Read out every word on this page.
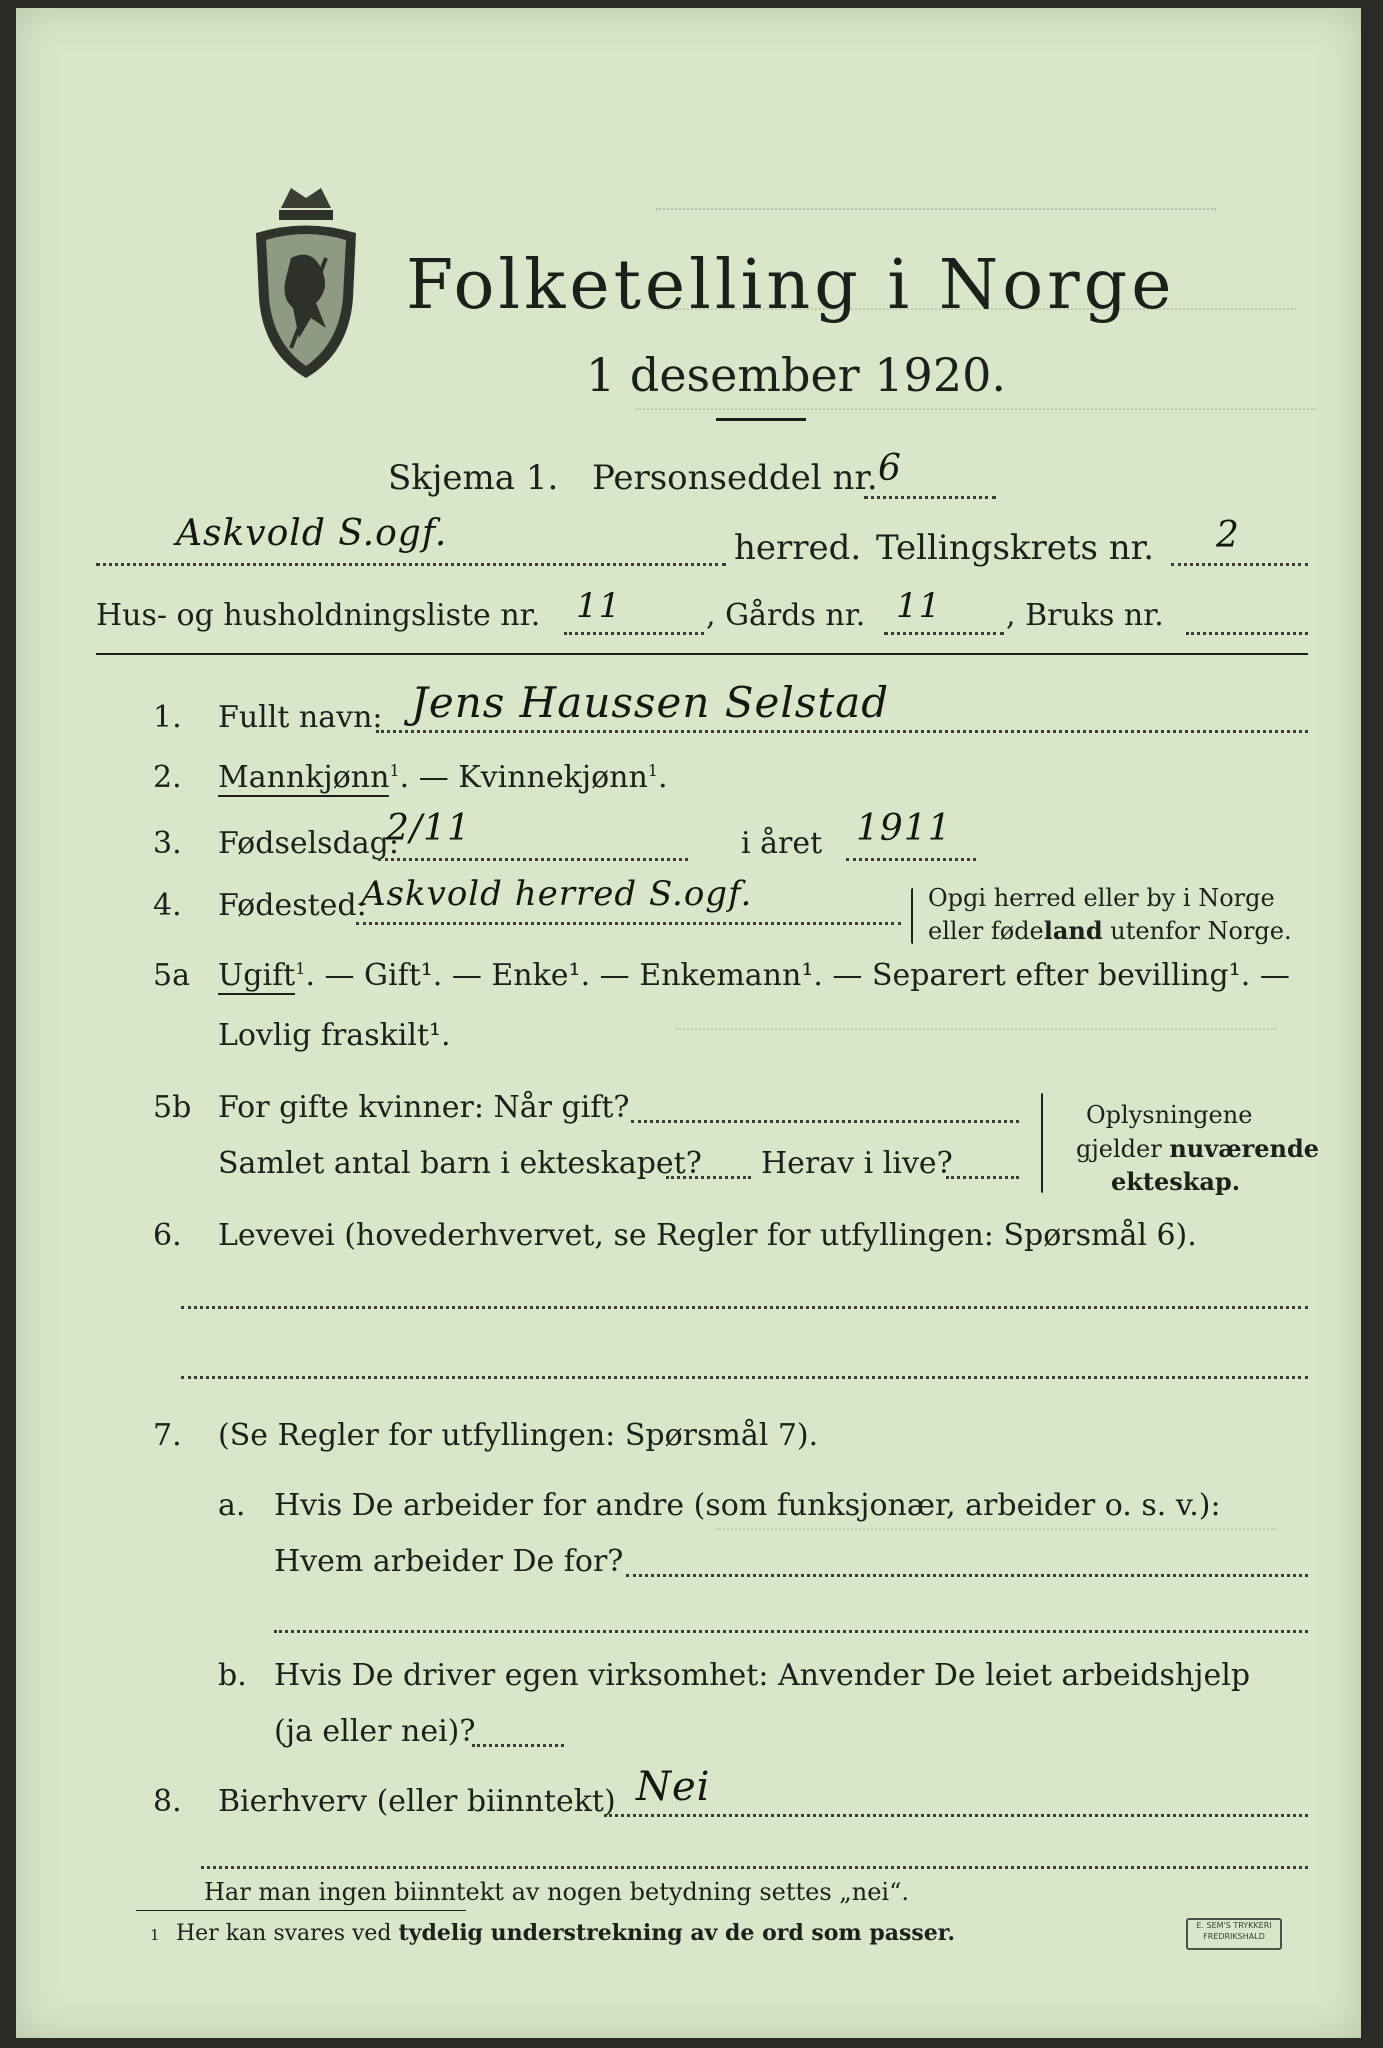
Folketelling i Norge
1 desember 1920.
Skjema 1. Personseddel nr. 6
Askvold S.ogf.	herred. Tellingskrets nr. 2
Hus- og husholdningsliste nr. 11	, Gårds nr. 11 , Bruks nr.
1. Fullt navn: Jens Haussen Selstad
2. Mannkjønn$^1$. — Kvinnekjønn$^1$.
3. Fødselsdag:
2/11	i året 1911
4. Fødested:
Askvold herred S.ogf.	Opgi herred eller by i Norge
eller fødeland utenfor Norge.
5a Ugift$^1$. — Gift¹. — Enke¹. — Enkemann¹. — Separert efter bevilling¹. —
Lovlig fraskilt¹.
5b For gifte kvinner: Når gift?
Samlet antal barn i ekteskapet? Herav i live?
Oplysningene
gjelder nuværende
ekteskap.
6. Levevei (hovederhvervet, se Regler for utfyllingen: Spørsmål 6).
7. (Se Regler for utfyllingen: Spørsmål 7).
a. Hvis De arbeider for andre (som funksjonær, arbeider o. s. v.):
Hvem arbeider De for?
b. Hvis De driver egen virksomhet: Anvender De leiet arbeidshjelp
(ja eller nei)?
8. Bierhverv (eller biinntekt) Nei
Har man ingen biinntekt av nogen betydning settes „nei“.
1 Her kan svares ved tydelig understrekning av de ord som passer.	E. SEM'S TRYKKERI
FREDRIKSHALD
